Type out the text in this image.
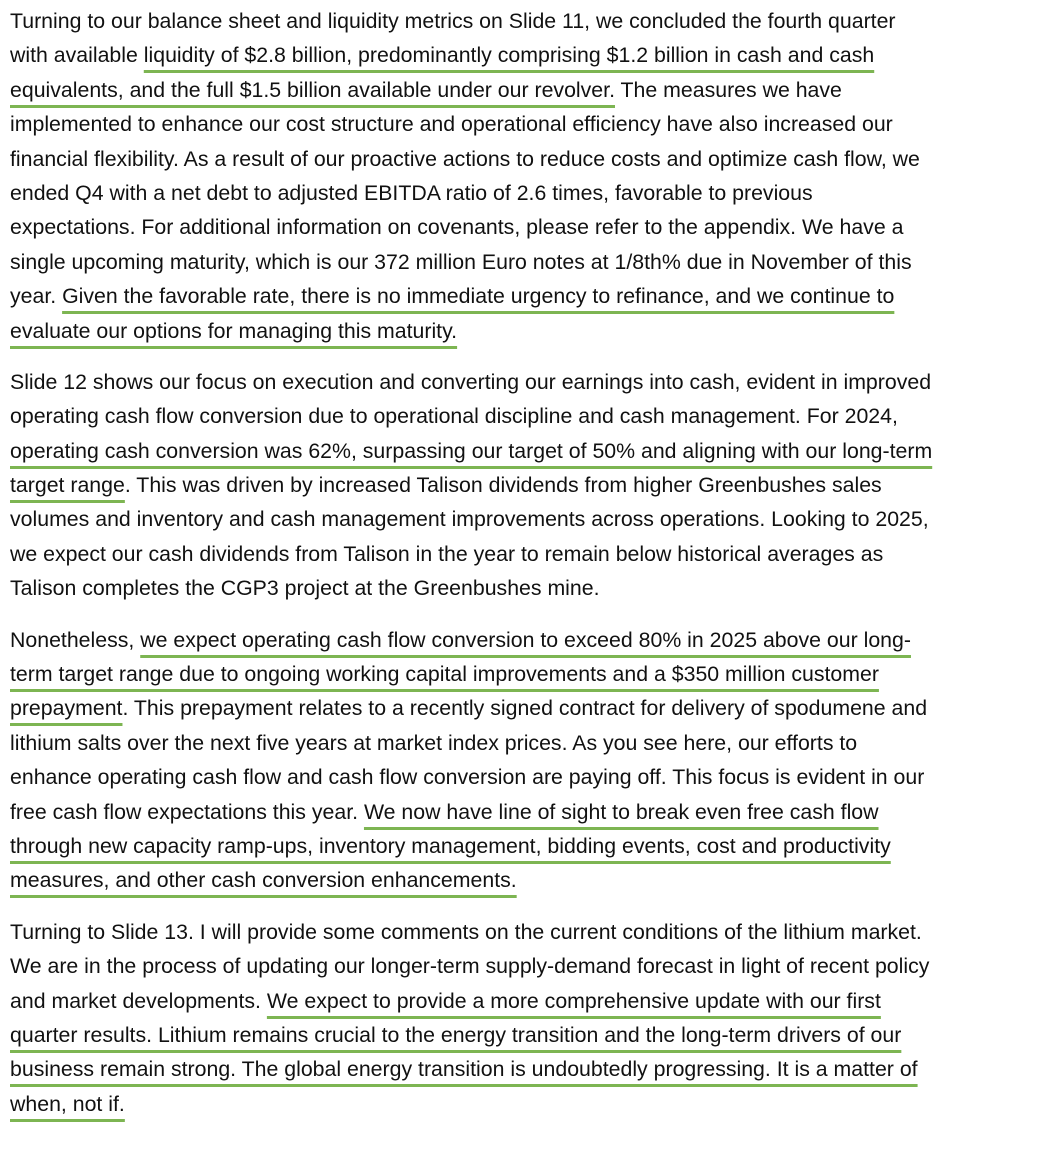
Turning to our balance sheet and liquidity metrics on Slide 11, we concluded the fourth quarter
with available liquidity of $2.8 billion, predominantly comprising $1.2 billion in cash and cash
equivalents, and the full $1.5 billion available under our revolver. The measures we have
implemented to enhance our cost structure and operational efficiency have also increased our
financial flexibility. As a result of our proactive actions to reduce costs and optimize cash flow, we
ended Q4 with a net debt to adjusted EBITDA ratio of 2.6 times, favorable to previous
expectations. For additional information on covenants, please refer to the appendix. We have a
single upcoming maturity, which is our 372 million Euro notes at 1/8th% due in November of this
year. Given the favorable rate, there is no immediate urgency to refinance, and we continue to
evaluate our options for managing this maturity.
Slide 12 shows our focus on execution and converting our earnings into cash, evident in improved
operating cash flow conversion due to operational discipline and cash management. For 2024,
operating cash conversion was 62%, surpassing our target of 50% and aligning with our long-term
target range. This was driven by increased Talison dividends from higher Greenbushes sales
volumes and inventory and cash management improvements across operations. Looking to 2025,
we expect our cash dividends from Talison in the year to remain below historical averages as
Talison completes the CGP3 project at the Greenbushes mine.
Nonetheless, we expect operating cash flow conversion to exceed 80% in 2025 above our long-
term target range due to ongoing working capital improvements and a $350 million customer
prepayment. This prepayment relates to a recently signed contract for delivery of spodumene and
lithium salts over the next five years at market index prices. As you see here, our efforts to
enhance operating cash flow and cash flow conversion are paying off. This focus is evident in our
free cash flow expectations this year. We now have line of sight to break even free cash flow
through new capacity ramp-ups, inventory management, bidding events, cost and productivity
measures, and other cash conversion enhancements.
Turning to Slide 13. I will provide some comments on the current conditions of the lithium market.
We are in the process of updating our longer-term supply-demand forecast in light of recent policy
and market developments. We expect to provide a more comprehensive update with our first
quarter results. Lithium remains crucial to the energy transition and the long-term drivers of our
business remain strong. The global energy transition is undoubtedly progressing. It is a matter of
when, not if.
